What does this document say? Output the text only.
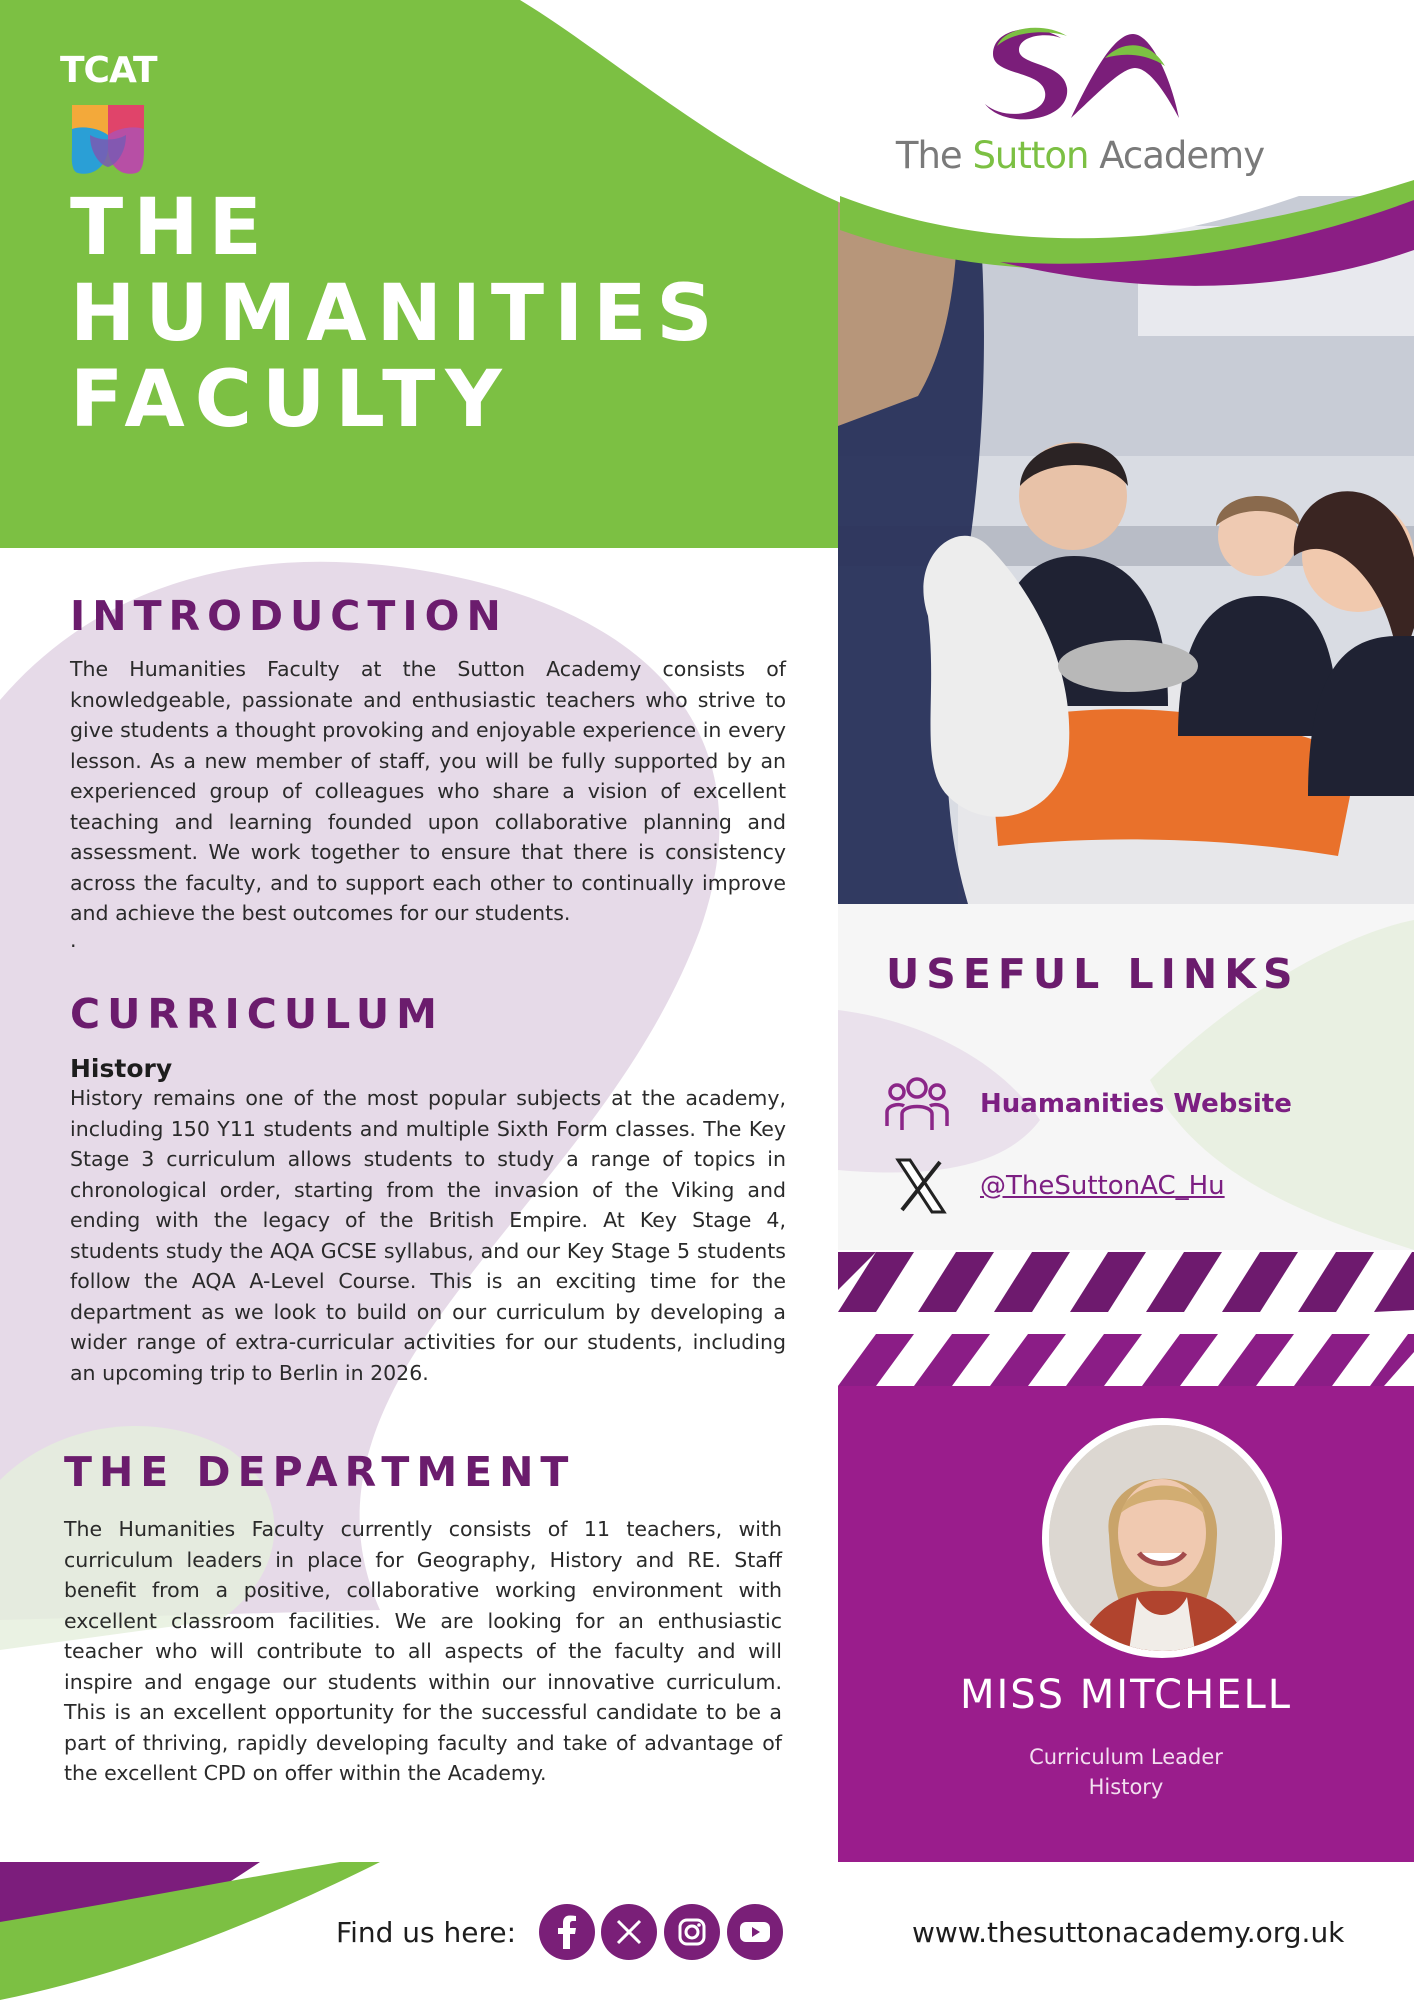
TCAT
THE
HUMANITIES
FACULTY
The Sutton Academy
INTRODUCTION

The Humanities Faculty at the Sutton Academy consists of knowledgeable, passionate and enthusiastic teachers who strive to give students a thought provoking and enjoyable experience in every lesson. As a new member of staff, you will be fully supported by an experienced group of colleagues who share a vision of excellent teaching and learning founded upon collaborative planning and assessment. We work together to ensure that there is consistency across the faculty, and to support each other to continually improve and achieve the best outcomes for our students.

.
CURRICULUM
History

History remains one of the most popular subjects at the academy, including 150 Y11 students and multiple Sixth Form classes. The Key Stage 3 curriculum allows students to study a range of topics in chronological order, starting from the invasion of the Viking and ending with the legacy of the British Empire. At Key Stage 4, students study the AQA GCSE syllabus, and our Key Stage 5 students follow the AQA A-Level Course. This is an exciting time for the department as we look to build on our curriculum by developing a wider range of extra-curricular activities for our students, including an upcoming trip to Berlin in 2026.

THE DEPARTMENT

The Humanities Faculty currently consists of 11 teachers, with curriculum leaders in place for Geography, History and RE. Staff benefit from a positive, collaborative working environment with excellent classroom facilities. We are looking for an enthusiastic teacher who will contribute to all aspects of the faculty and will inspire and engage our students within our innovative curriculum. This is an excellent opportunity for the successful candidate to be a part of thriving, rapidly developing faculty and take of advantage of the excellent CPD on offer within the Academy.

USEFUL LINKS
Huamanities Website
@TheSuttonAC_Hu
MISS MITCHELL
Curriculum Leader
History
Find us here:	www.thesuttonacademy.org.uk
